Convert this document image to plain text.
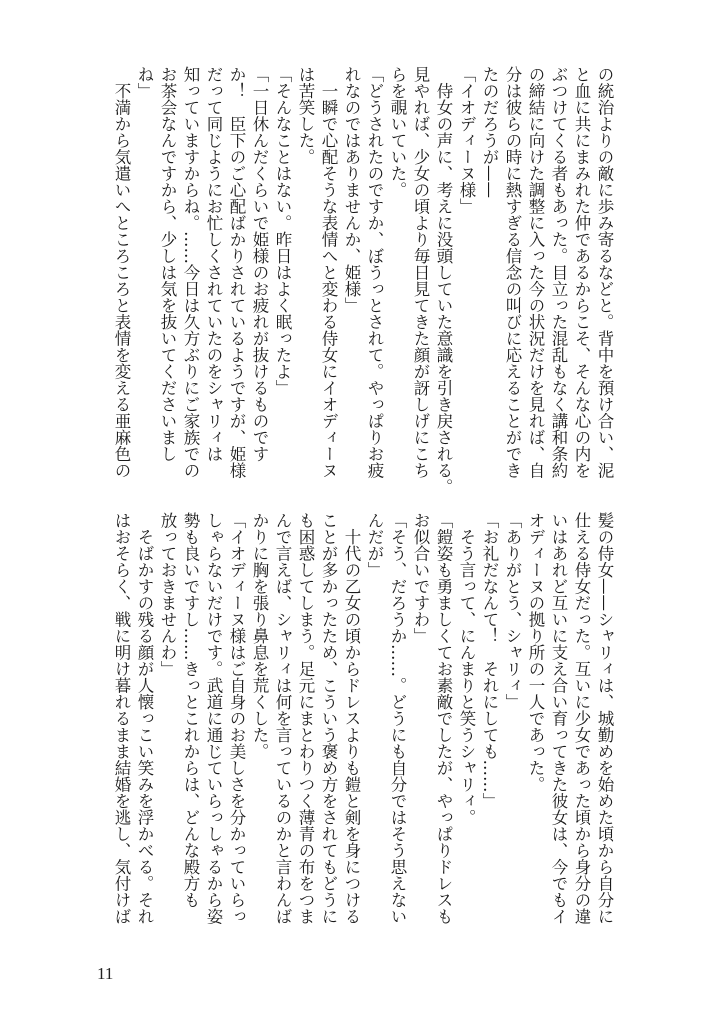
の統治よりの敵に歩み寄るなどと。背中を預け合い、泥
と血に共にまみれた仲であるからこそ、そんな心の内を
ぶつけてくる者もあった。目立った混乱もなく講和条約
の締結に向けた調整に入った今の状況だけを見れば、自
分は彼らの時に熱すぎる信念の叫びに応えることができ
たのだろうが——
「イオディーヌ様」
　侍女の声に、考えに没頭していた意識を引き戻される。
見やれば、少女の頃より毎日見てきた顔が訝しげにこち
らを覗いていた。
「どうされたのですか、ぼうっとされて。やっぱりお疲
れなのではありませんか、姫様」
　一瞬で心配そうな表情へと変わる侍女にイオディーヌ
は苦笑した。
「そんなことはない。昨日はよく眠ったよ」
「一日休んだくらいで姫様のお疲れが抜けるものです
か！　臣下のご心配ばかりされているようですが、姫様
だって同じようにお忙しくされていたのをシャリィは
知っていますからね。……今日は久方ぶりにご家族での
お茶会なんですから、少しは気を抜いてくださいまし
ね」
　不満から気遣いへところころと表情を変える亜麻色の
髪の侍女——シャリィは、城勤めを始めた頃から自分に
仕える侍女だった。互いに少女であった頃から身分の違
いはあれど互いに支え合い育ってきた彼女は、今でもイ
オディーヌの拠り所の一人であった。
「ありがとう、シャリィ」
「お礼だなんて！　それにしても……」
　そう言って、にんまりと笑うシャリィ。
「鎧姿も勇ましくてお素敵でしたが、やっぱりドレスも
お似合いですわ」
「そう、だろうか……。どうにも自分ではそう思えない
んだが」
　十代の乙女の頃からドレスよりも鎧と剣を身につける
ことが多かったため、こういう褒め方をされてもどうに
も困惑してしまう。足元にまとわりつく薄青の布をつま
んで言えば、シャリィは何を言っているのかと言わんば
かりに胸を張り鼻息を荒くした。
「イオディーヌ様はご自身のお美しさを分かっていらっ
しゃらないだけです。武道に通じていらっしゃるから姿
勢も良いですし……きっとこれからは、どんな殿方も
放っておきませんわ」
　そばかすの残る顔が人懐っこい笑みを浮かべる。それ
はおそらく、戦に明け暮れるまま結婚を逃し、気付けば
11
